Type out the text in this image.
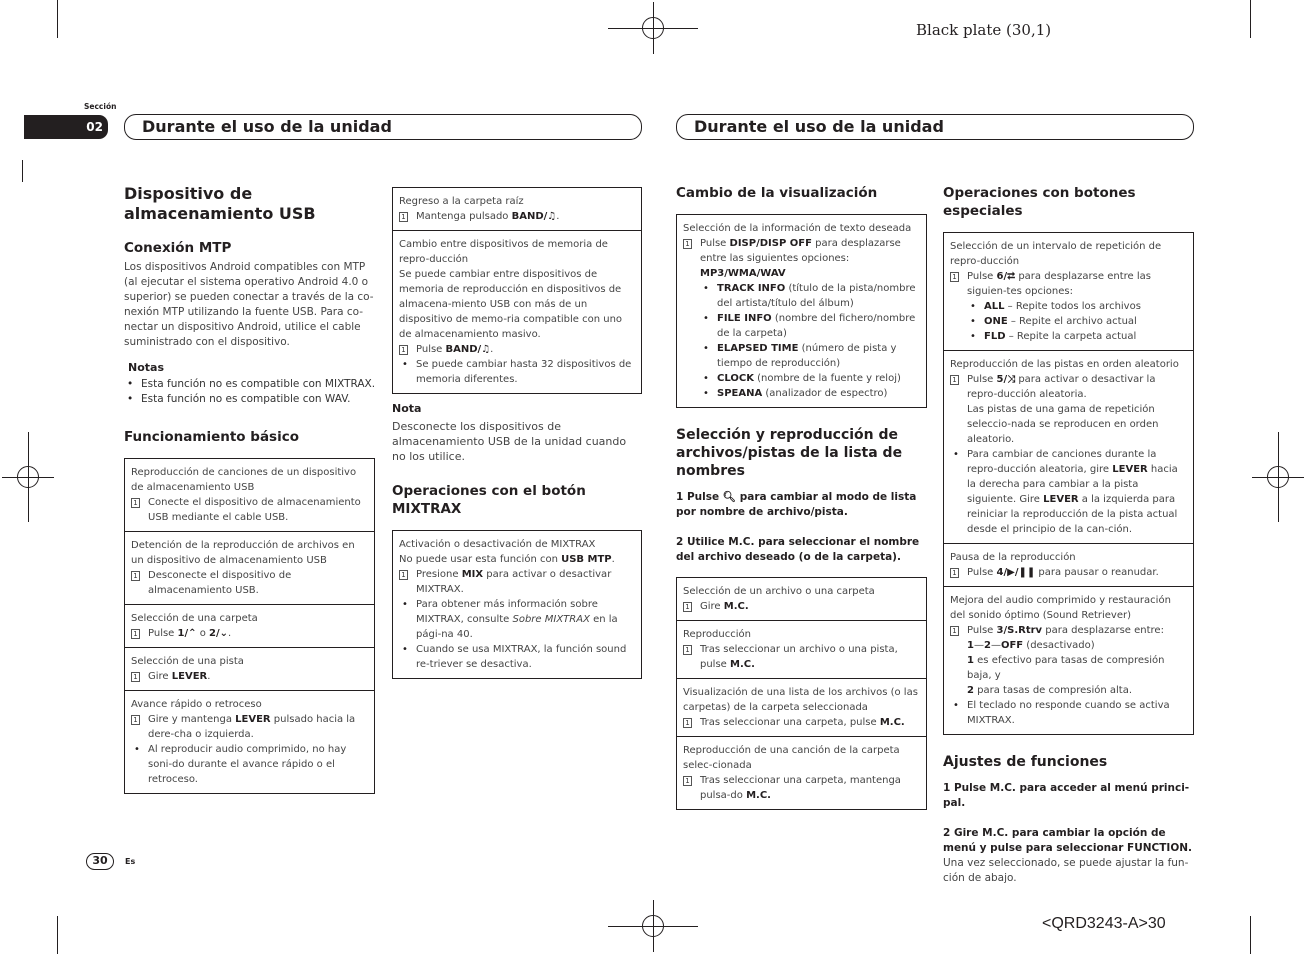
Black plate (30,1)
Sección
02	Durante el uso de la unidad	Durante el uso de la unidad
Dispositivo de almacenamiento USB
Conexión MTP
Los dispositivos Android compatibles con MTP (al ejecutar el sistema operativo Android 4.0 o superior) se pueden conectar a través de la co-nexión MTP utilizando la fuente USB. Para co-nectar un dispositivo Android, utilice el cable suministrado con el dispositivo.
Notas
• Esta función no es compatible con MIXTRAX.
• Esta función no es compatible con WAV.
Funcionamiento básico
Reproducción de canciones de un dispositivo de almacenamiento USB
1 Conecte el dispositivo de almacenamiento USB mediante el cable USB.
Detención de la reproducción de archivos en un dispositivo de almacenamiento USB
1 Desconecte el dispositivo de almacenamiento USB.
Selección de una carpeta
1 Pulse 1/⌃ o 2/⌄.
Selección de una pista
1 Gire LEVER.
Avance rápido o retroceso
1 Gire y mantenga LEVER pulsado hacia la dere-cha o izquierda.
• Al reproducir audio comprimido, no hay soni-do durante el avance rápido o el retroceso.
Regreso a la carpeta raíz
1 Mantenga pulsado BAND/♫.
Cambio entre dispositivos de memoria de repro-ducción
Se puede cambiar entre dispositivos de memoria de reproducción en dispositivos de almacena-miento USB con más de un dispositivo de memo-ria compatible con uno de almacenamiento masivo.
1 Pulse BAND/♫.
• Se puede cambiar hasta 32 dispositivos de memoria diferentes.
Nota
Desconecte los dispositivos de almacenamiento USB de la unidad cuando no los utilice.
Operaciones con el botón MIXTRAX
Activación o desactivación de MIXTRAX
No puede usar esta función con USB MTP.
1 Presione MIX para activar o desactivar MIXTRAX.
• Para obtener más información sobre MIXTRAX, consulte Sobre MIXTRAX en la pági-na 40.
• Cuando se usa MIXTRAX, la función sound re-triever se desactiva.
Cambio de la visualización
Selección de la información de texto deseada
1 Pulse DISP/DISP OFF para desplazarse entre las siguientes opciones:
MP3/WMA/WAV
• TRACK INFO (título de la pista/nombre del artista/título del álbum)
• FILE INFO (nombre del fichero/nombre de la carpeta)
• ELAPSED TIME (número de pista y tiempo de reproducción)
• CLOCK (nombre de la fuente y reloj)
• SPEANA (analizador de espectro)
Selección y reproducción de archivos/pistas de la lista de nombres
1 Pulse 🔍︎ para cambiar al modo de lista por nombre de archivo/pista.
2 Utilice M.C. para seleccionar el nombre del archivo deseado (o de la carpeta).
Selección de un archivo o una carpeta
1 Gire M.C.
Reproducción
1 Tras seleccionar un archivo o una pista, pulse M.C.
Visualización de una lista de los archivos (o las carpetas) de la carpeta seleccionada
1 Tras seleccionar una carpeta, pulse M.C.
Reproducción de una canción de la carpeta selec-cionada
1 Tras seleccionar una carpeta, mantenga pulsa-do M.C.
Operaciones con botones especiales
Selección de un intervalo de repetición de repro-ducción
1 Pulse 6/⮂ para desplazarse entre las siguien-tes opciones:
• ALL – Repite todos los archivos
• ONE – Repite el archivo actual
• FLD – Repite la carpeta actual
Reproducción de las pistas en orden aleatorio
1 Pulse 5/⤨ para activar o desactivar la repro-ducción aleatoria.
Las pistas de una gama de repetición seleccio-nada se reproducen en orden aleatorio.
• Para cambiar de canciones durante la repro-ducción aleatoria, gire LEVER hacia la derecha para cambiar a la pista siguiente. Gire LEVER a la izquierda para reiniciar la reproducción de la pista actual desde el principio de la can-ción.
Pausa de la reproducción
1 Pulse 4/▶/❚❚ para pausar o reanudar.
Mejora del audio comprimido y restauración del sonido óptimo (Sound Retriever)
1 Pulse 3/S.Rtrv para desplazarse entre:
1—2—OFF (desactivado)
1 es efectivo para tasas de compresión baja, y
2 para tasas de compresión alta.
• El teclado no responde cuando se activa MIXTRAX.
Ajustes de funciones
1 Pulse M.C. para acceder al menú princi-pal.
2 Gire M.C. para cambiar la opción de menú y pulse para seleccionar FUNCTION.
Una vez seleccionado, se puede ajustar la fun-ción de abajo.
30	Es
<QRD3243-A>30
